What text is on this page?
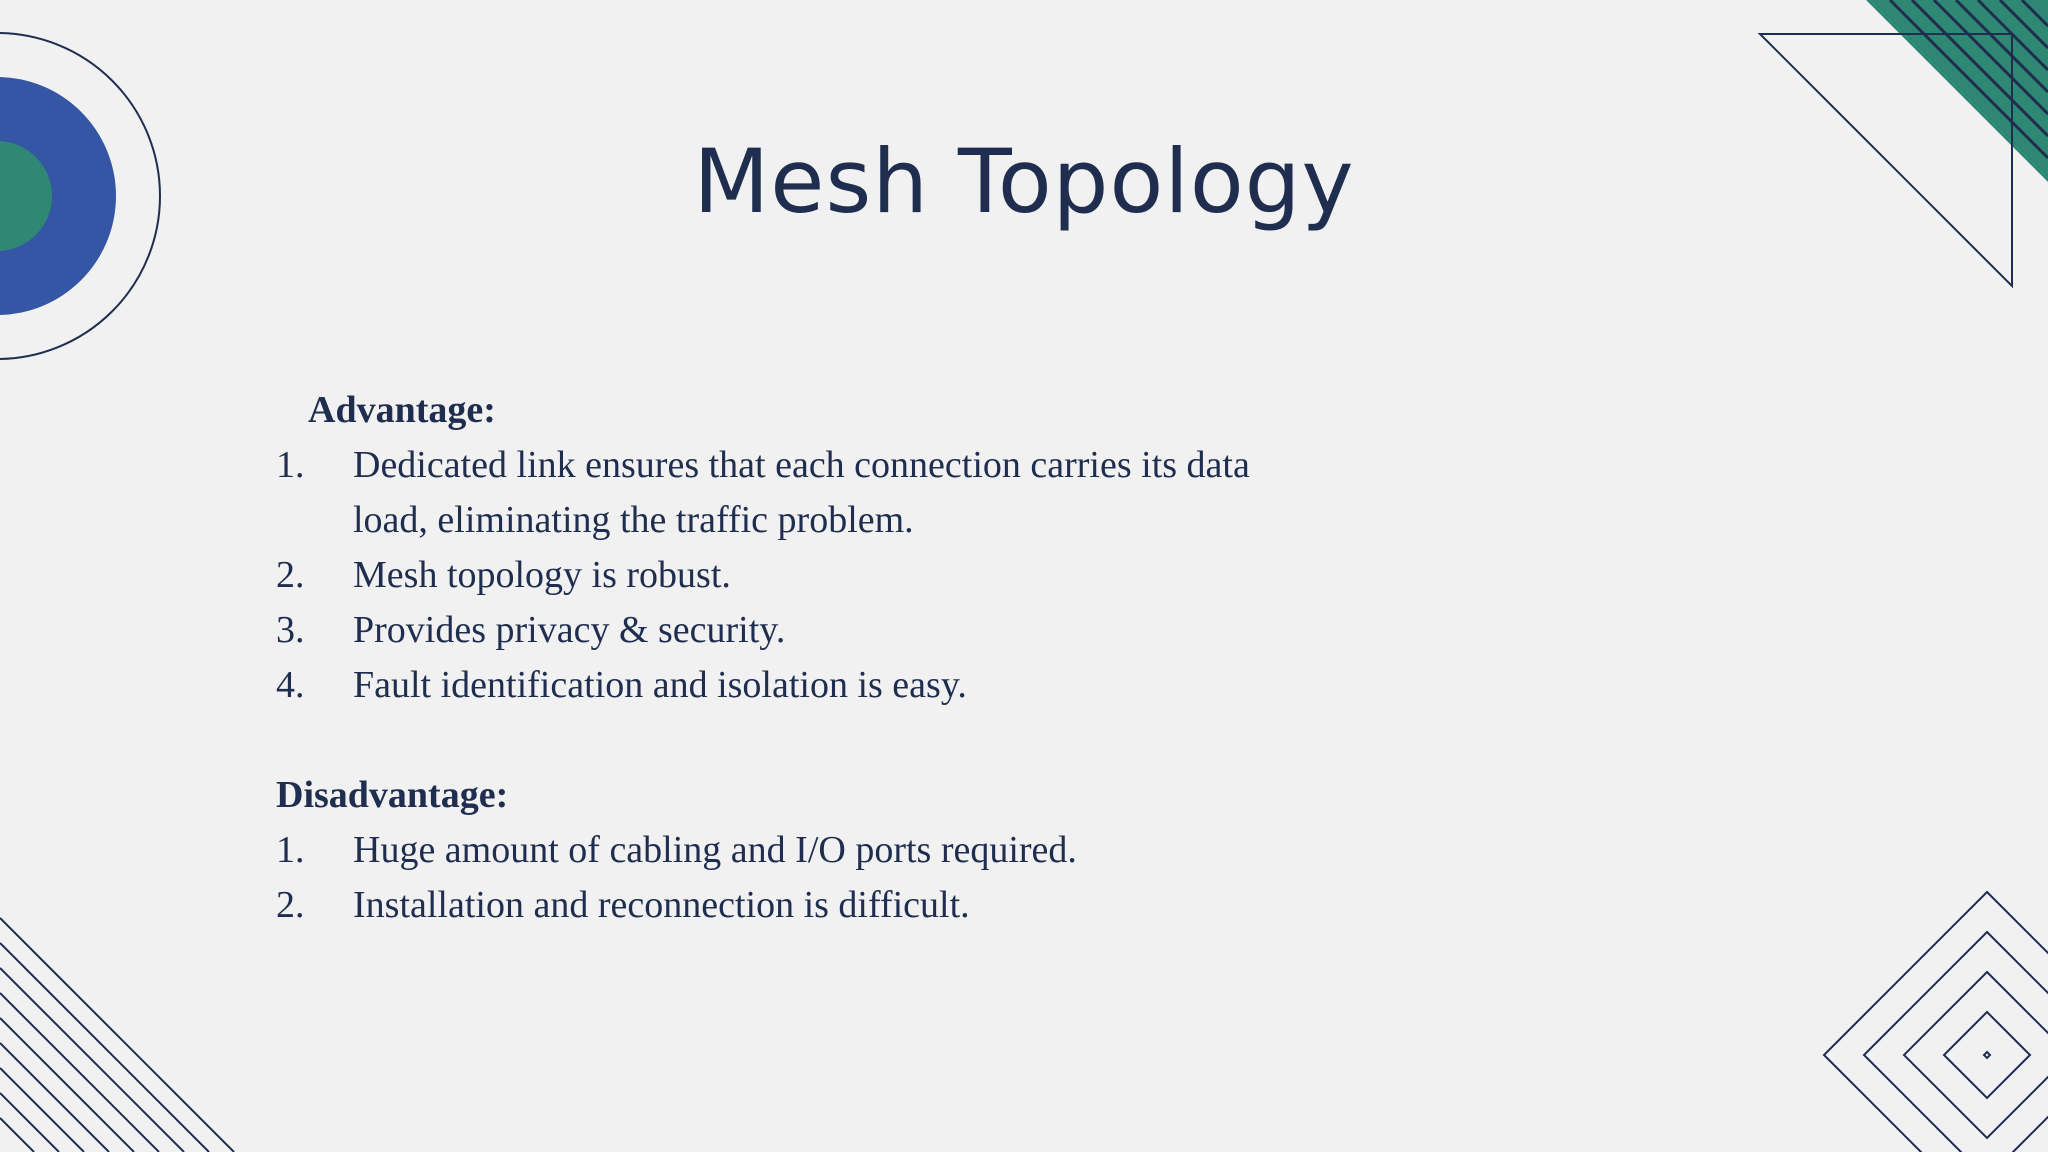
Mesh Topology
Advantage:
1.	Dedicated link ensures that each connection carries its data load, eliminating the traffic problem.
2.	Mesh topology is robust.
3.	Provides privacy & security.
4.	Fault identification and isolation is easy.
Disadvantage:
1.	Huge amount of cabling and I/O ports required.
2.	Installation and reconnection is difficult.
